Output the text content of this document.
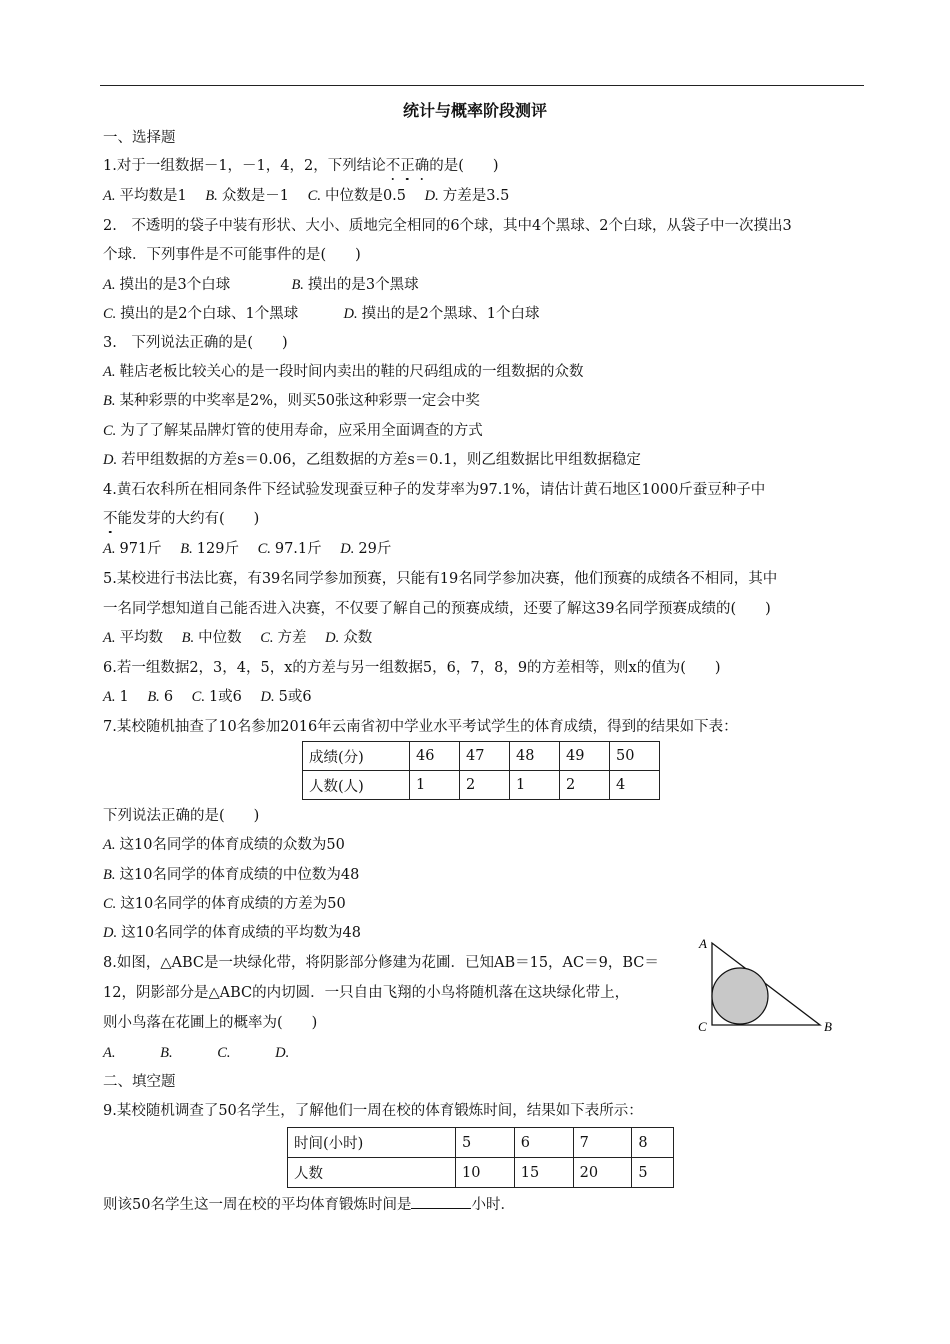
统计与概率阶段测评
一、选择题
1.对于一组数据－1，－1，4，2，下列结论不正确的是(　　)
A. 平均数是1 B. 众数是－1 C. 中位数是0.5 D. 方差是3.5
2.　不透明的袋子中装有形状、大小、质地完全相同的6个球，其中4个黑球、2个白球，从袋子中一次摸出3
个球．下列事件是不可能事件的是(　　)
A. 摸出的是3个白球	B. 摸出的是3个黑球
C. 摸出的是2个白球、1个黑球	D. 摸出的是2个黑球、1个白球
3.　下列说法正确的是(　　)
A. 鞋店老板比较关心的是一段时间内卖出的鞋的尺码组成的一组数据的众数
B. 某种彩票的中奖率是2%，则买50张这种彩票一定会中奖
C. 为了了解某品牌灯管的使用寿命，应采用全面调查的方式
D. 若甲组数据的方差s＝0.06，乙组数据的方差s＝0.1，则乙组数据比甲组数据稳定
4.黄石农科所在相同条件下经试验发现蚕豆种子的发芽率为97.1%，请估计黄石地区1000斤蚕豆种子中
不能发芽的大约有(　　)
A. 971斤 B. 129斤 C. 97.1斤 D. 29斤
5.某校进行书法比赛，有39名同学参加预赛，只能有19名同学参加决赛，他们预赛的成绩各不相同，其中
一名同学想知道自己能否进入决赛，不仅要了解自己的预赛成绩，还要了解这39名同学预赛成绩的(　　)
A. 平均数 B. 中位数 C. 方差 D. 众数
6.若一组数据2，3，4，5，x的方差与另一组数据5，6，7，8，9的方差相等，则x的值为(　　)
A. 1 B. 6 C. 1或6 D. 5或6
7.某校随机抽查了10名参加2016年云南省初中学业水平考试学生的体育成绩，得到的结果如下表：
成绩(分)	46	47	48	49	50
人数(人)	1	2	1	2	4
下列说法正确的是(　　)
A. 这10名同学的体育成绩的众数为50
B. 这10名同学的体育成绩的中位数为48
C. 这10名同学的体育成绩的方差为50
D. 这10名同学的体育成绩的平均数为48
8.如图，△ABC是一块绿化带，将阴影部分修建为花圃．已知AB＝15，AC＝9，BC＝
12，阴影部分是△ABC的内切圆．一只自由飞翔的小鸟将随机落在这块绿化带上，
则小鸟落在花圃上的概率为(　　)
A.	B.	C.	D.
A
C	B
二、填空题
9.某校随机调查了50名学生，了解他们一周在校的体育锻炼时间，结果如下表所示：
时间(小时)	5	6	7	8
人数	10	15	20	5
则该50名学生这一周在校的平均体育锻炼时间是	小时．
